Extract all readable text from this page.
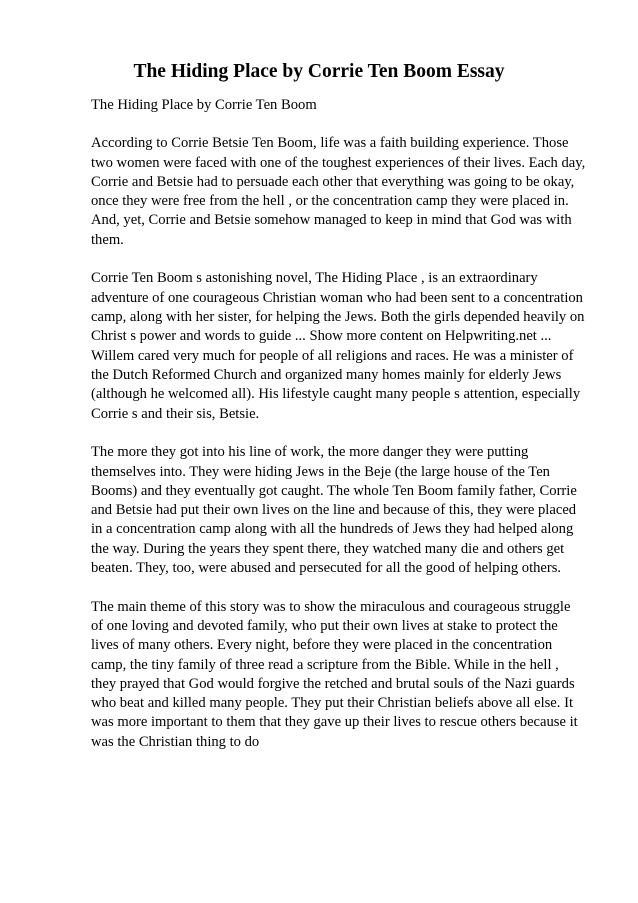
The Hiding Place by Corrie Ten Boom Essay

The Hiding Place by Corrie Ten Boom

According to Corrie Betsie Ten Boom, life was a faith building experience. Those
two women were faced with one of the toughest experiences of their lives. Each day,
Corrie and Betsie had to persuade each other that everything was going to be okay,
once they were free from the hell , or the concentration camp they were placed in.
And, yet, Corrie and Betsie somehow managed to keep in mind that God was with
them.

Corrie Ten Boom s astonishing novel, The Hiding Place , is an extraordinary
adventure of one courageous Christian woman who had been sent to a concentration
camp, along with her sister, for helping the Jews. Both the girls depended heavily on
Christ s power and words to guide ... Show more content on Helpwriting.net ...
Willem cared very much for people of all religions and races. He was a minister of
the Dutch Reformed Church and organized many homes mainly for elderly Jews
(although he welcomed all). His lifestyle caught many people s attention, especially
Corrie s and their sis, Betsie.

The more they got into his line of work, the more danger they were putting
themselves into. They were hiding Jews in the Beje (the large house of the Ten
Booms) and they eventually got caught. The whole Ten Boom family father, Corrie
and Betsie had put their own lives on the line and because of this, they were placed
in a concentration camp along with all the hundreds of Jews they had helped along
the way. During the years they spent there, they watched many die and others get
beaten. They, too, were abused and persecuted for all the good of helping others.

The main theme of this story was to show the miraculous and courageous struggle
of one loving and devoted family, who put their own lives at stake to protect the
lives of many others. Every night, before they were placed in the concentration
camp, the tiny family of three read a scripture from the Bible. While in the hell ,
they prayed that God would forgive the retched and brutal souls of the Nazi guards
who beat and killed many people. They put their Christian beliefs above all else. It
was more important to them that they gave up their lives to rescue others because it
was the Christian thing to do
